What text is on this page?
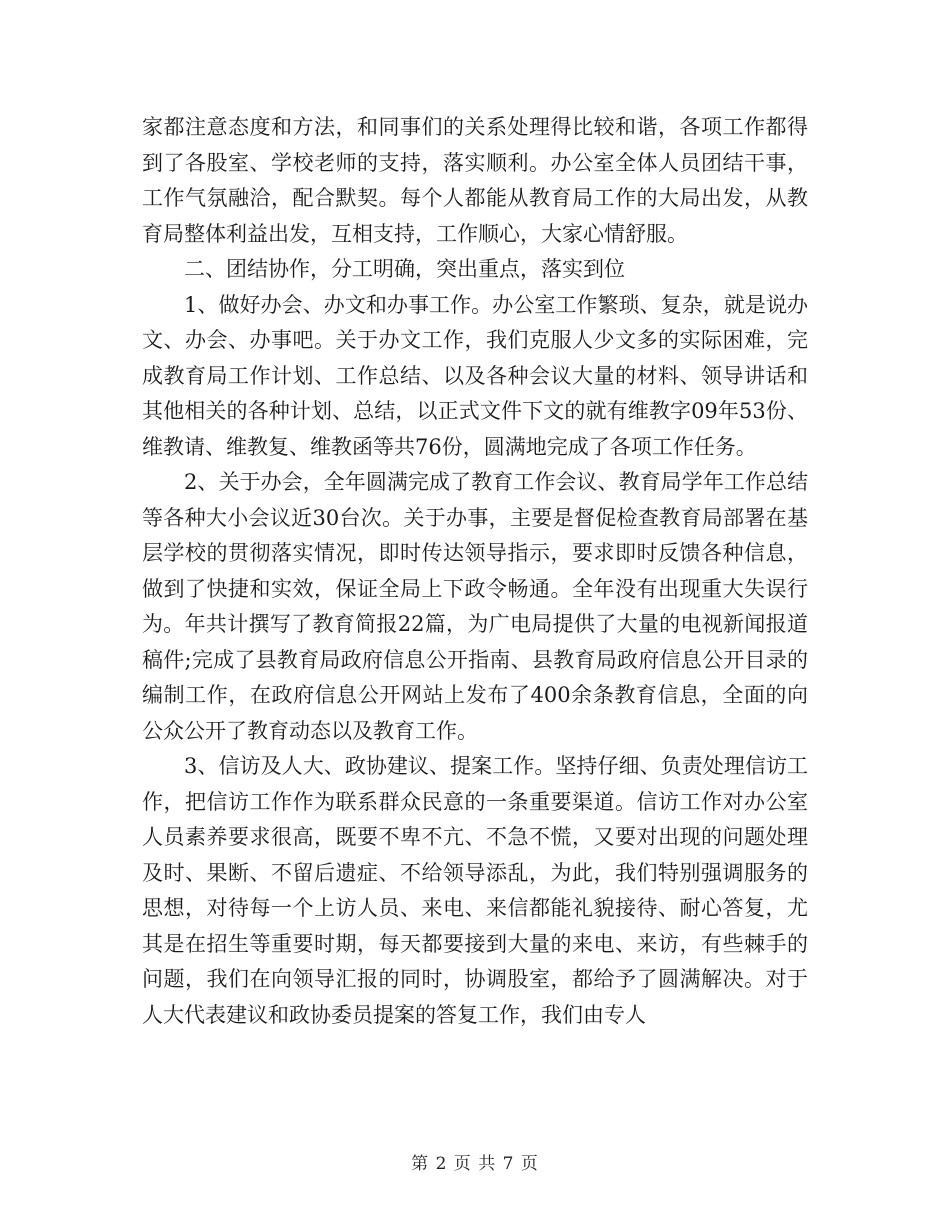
家都注意态度和方法，和同事们的关系处理得比较和谐，各项工作都得到了各股室、学校老师的支持，落实顺利。办公室全体人员团结干事，工作气氛融洽，配合默契。每个人都能从教育局工作的大局出发，从教育局整体利益出发，互相支持，工作顺心，大家心情舒服。

二、团结协作，分工明确，突出重点，落实到位

1、做好办会、办文和办事工作。办公室工作繁琐、复杂，就是说办文、办会、办事吧。关于办文工作，我们克服人少文多的实际困难，完成教育局工作计划、工作总结、以及各种会议大量的材料、领导讲话和其他相关的各种计划、总结，以正式文件下文的就有维教字09年53份、维教请、维教复、维教函等共76份，圆满地完成了各项工作任务。

2、关于办会，全年圆满完成了教育工作会议、教育局学年工作总结等各种大小会议近30台次。关于办事，主要是督促检查教育局部署在基层学校的贯彻落实情况，即时传达领导指示，要求即时反馈各种信息，做到了快捷和实效，保证全局上下政令畅通。全年没有出现重大失误行为。年共计撰写了教育简报22篇，为广电局提供了大量的电视新闻报道稿件;完成了县教育局政府信息公开指南、县教育局政府信息公开目录的编制工作，在政府信息公开网站上发布了400余条教育信息，全面的向公众公开了教育动态以及教育工作。

3、信访及人大、政协建议、提案工作。坚持仔细、负责处理信访工作，把信访工作作为联系群众民意的一条重要渠道。信访工作对办公室人员素养要求很高，既要不卑不亢、不急不慌，又要对出现的问题处理及时、果断、不留后遗症、不给领导添乱，为此，我们特别强调服务的思想，对待每一个上访人员、来电、来信都能礼貌接待、耐心答复，尤其是在招生等重要时期，每天都要接到大量的来电、来访，有些棘手的问题，我们在向领导汇报的同时，协调股室，都给予了圆满解决。对于人大代表建议和政协委员提案的答复工作，我们由专人

第 2 页 共 7 页
